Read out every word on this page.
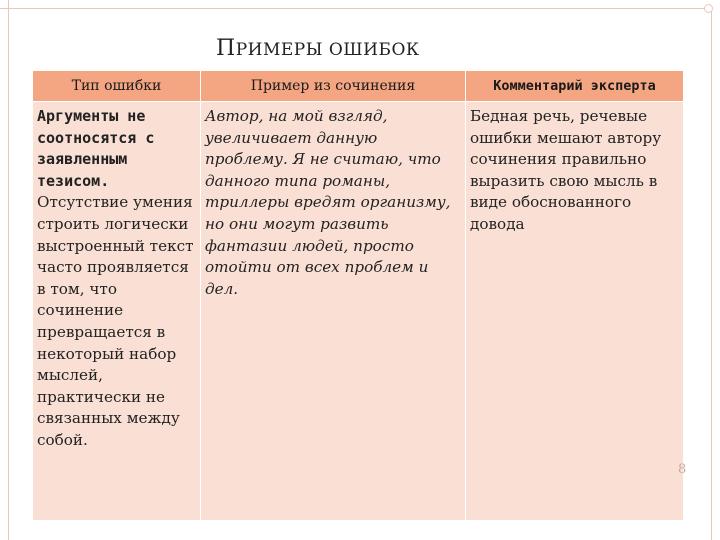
ПРИМЕРЫ ОШИБОК
Тип ошибки	Пример из сочинения	Комментарий эксперта
Аргументы не соотносятся с заявленным тезисом.
Отсутствие умения строить логически выстроенный текст часто проявляется в том, что сочинение превращается в некоторый набор мыслей, практически не связанных между собой.
Автор, на мой взгляд, увеличивает данную проблему. Я не считаю, что данного типа романы, триллеры вредят организму, но они могут развить фантазии людей, просто отойти от всех проблем и дел.
Бедная речь, речевые ошибки мешают автору сочинения правильно выразить свою мысль в виде обоснованного довода
8
